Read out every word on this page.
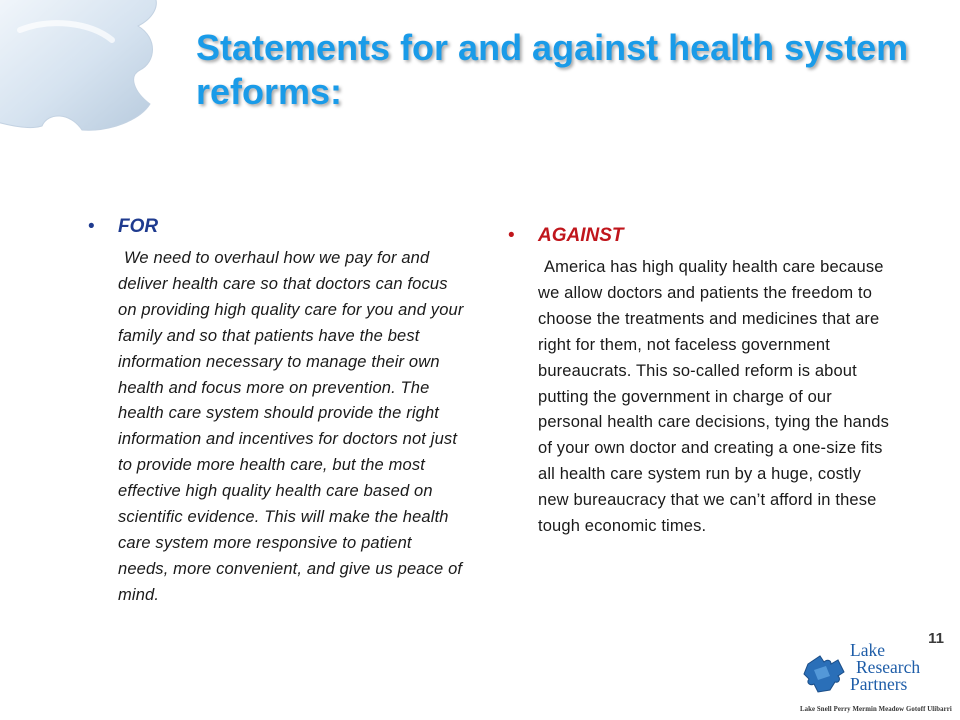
Statements for and against health system reforms:
• FOR

We need to overhaul how we pay for and deliver health care so that doctors can focus on providing high quality care for you and your family and so that patients have the best information necessary to manage their own health and focus more on prevention. The health care system should provide the right information and incentives for doctors not just to provide more health care, but the most effective high quality health care based on scientific evidence. This will make the health care system more responsive to patient needs, more convenient, and give us peace of mind.

• AGAINST

America has high quality health care because we allow doctors and patients the freedom to choose the treatments and medicines that are right for them, not faceless government bureaucrats. This so-called reform is about putting the government in charge of our personal health care decisions, tying the hands of your own doctor and creating a one-size fits all health care system run by a huge, costly new bureaucracy that we can’t afford in these tough economic times.

11
Lake
Research
Partners
Lake Snell Perry Mermin Meadow Gotoff Ulibarri
